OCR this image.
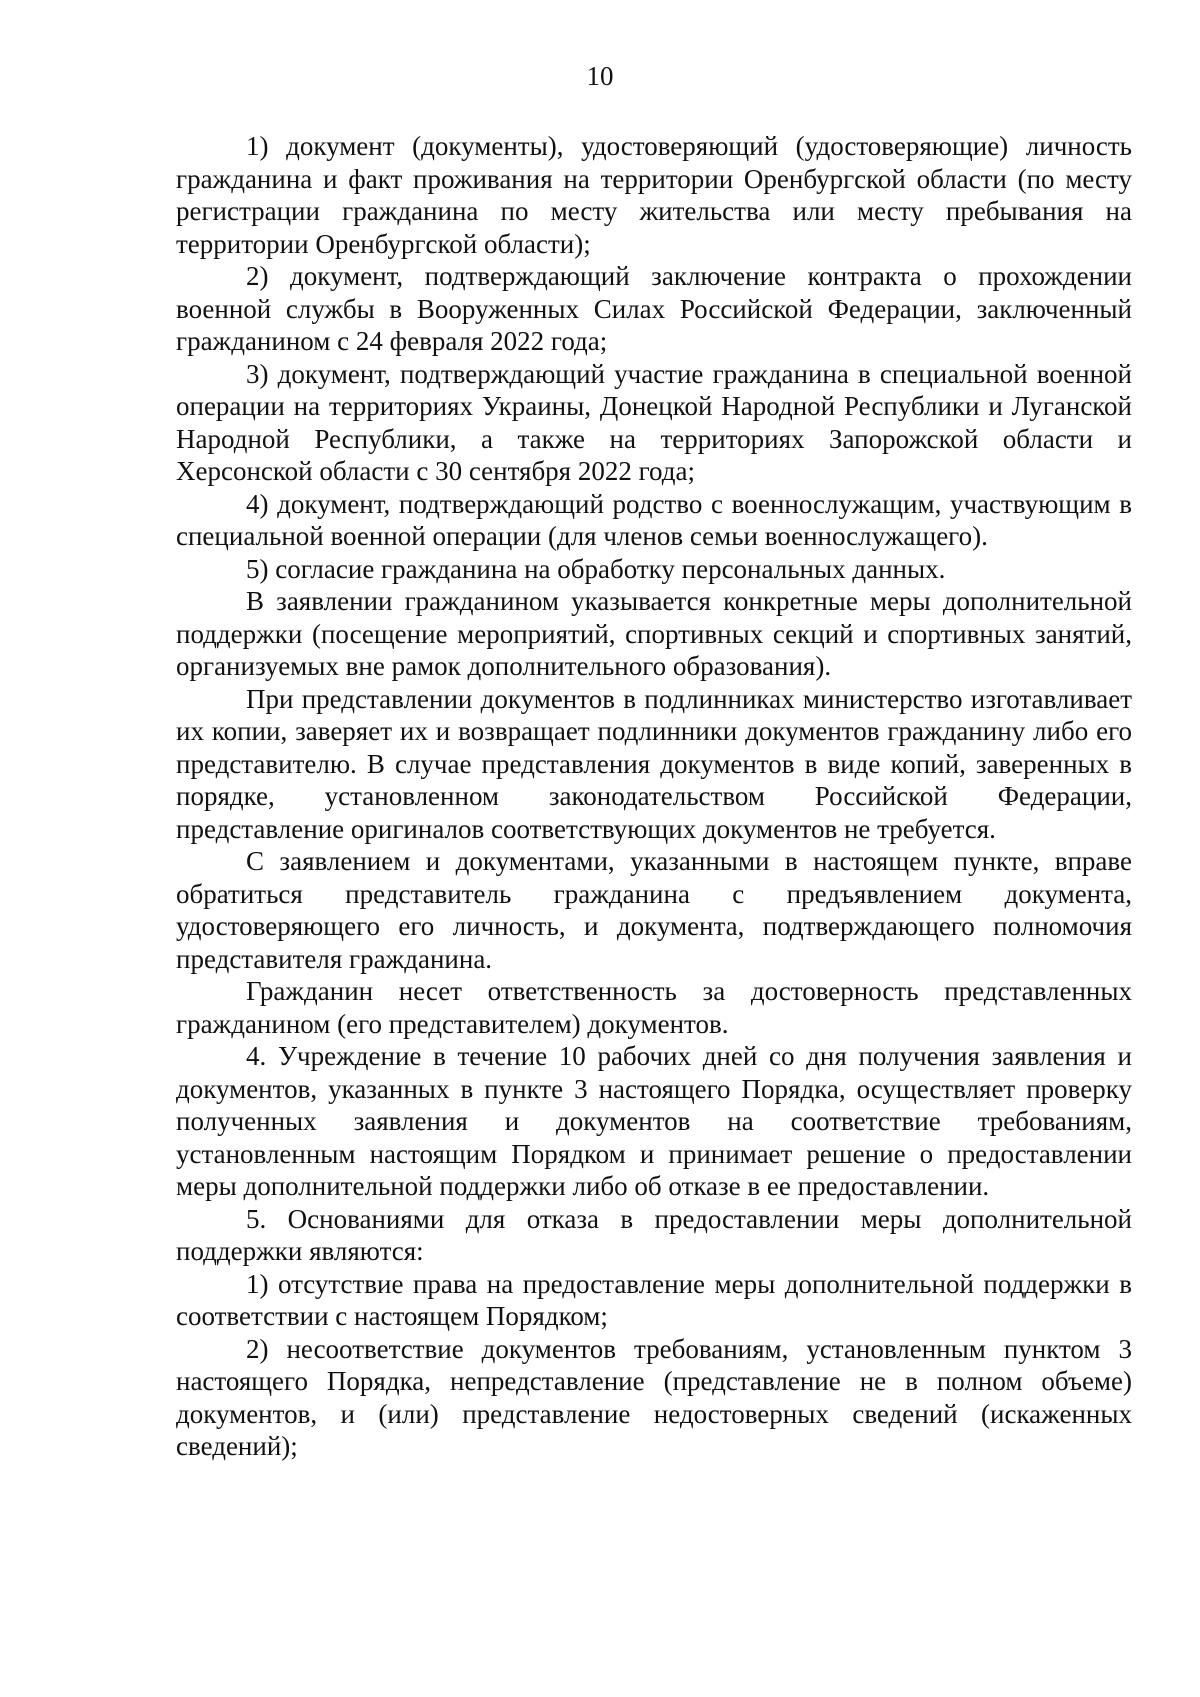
10

1) документ (документы), удостоверяющий (удостоверяющие) личность гражданина и факт проживания на территории Оренбургской области (по месту регистрации гражданина по месту жительства или месту пребывания на территории Оренбургской области);

2) документ, подтверждающий заключение контракта о прохождении военной службы в Вооруженных Силах Российской Федерации, заключенный гражданином с 24 февраля 2022 года;

3) документ, подтверждающий участие гражданина в специальной военной операции на территориях Украины, Донецкой Народной Республики и Луганской Народной Республики, а также на территориях Запорожской области и Херсонской области с 30 сентября 2022 года;

4) документ, подтверждающий родство с военнослужащим, участвующим в специальной военной операции (для членов семьи военнослужащего).

5) согласие гражданина на обработку персональных данных.

В заявлении гражданином указывается конкретные меры дополнительной поддержки (посещение мероприятий, спортивных секций и спортивных занятий, организуемых вне рамок дополнительного образования).

При представлении документов в подлинниках министерство изготавливает их копии, заверяет их и возвращает подлинники документов гражданину либо его представителю. В случае представления документов в виде копий, заверенных в порядке, установленном законодательством Российской Федерации, представление оригиналов соответствующих документов не требуется.

С заявлением и документами, указанными в настоящем пункте, вправе обратиться представитель гражданина с предъявлением документа, удостоверяющего его личность, и документа, подтверждающего полномочия представителя гражданина.

Гражданин несет ответственность за достоверность представленных гражданином (его представителем) документов.

4. Учреждение в течение 10 рабочих дней со дня получения заявления и документов, указанных в пункте 3 настоящего Порядка, осуществляет проверку полученных заявления и документов на соответствие требованиям, установленным настоящим Порядком и принимает решение о предоставлении меры дополнительной поддержки либо об отказе в ее предоставлении.

5. Основаниями для отказа в предоставлении меры дополнительной поддержки являются:

1) отсутствие права на предоставление меры дополнительной поддержки в соответствии с настоящем Порядком;

2) несоответствие документов требованиям, установленным пунктом 3 настоящего Порядка, непредставление (представление не в полном объеме) документов, и (или) представление недостоверных сведений (искаженных сведений);
